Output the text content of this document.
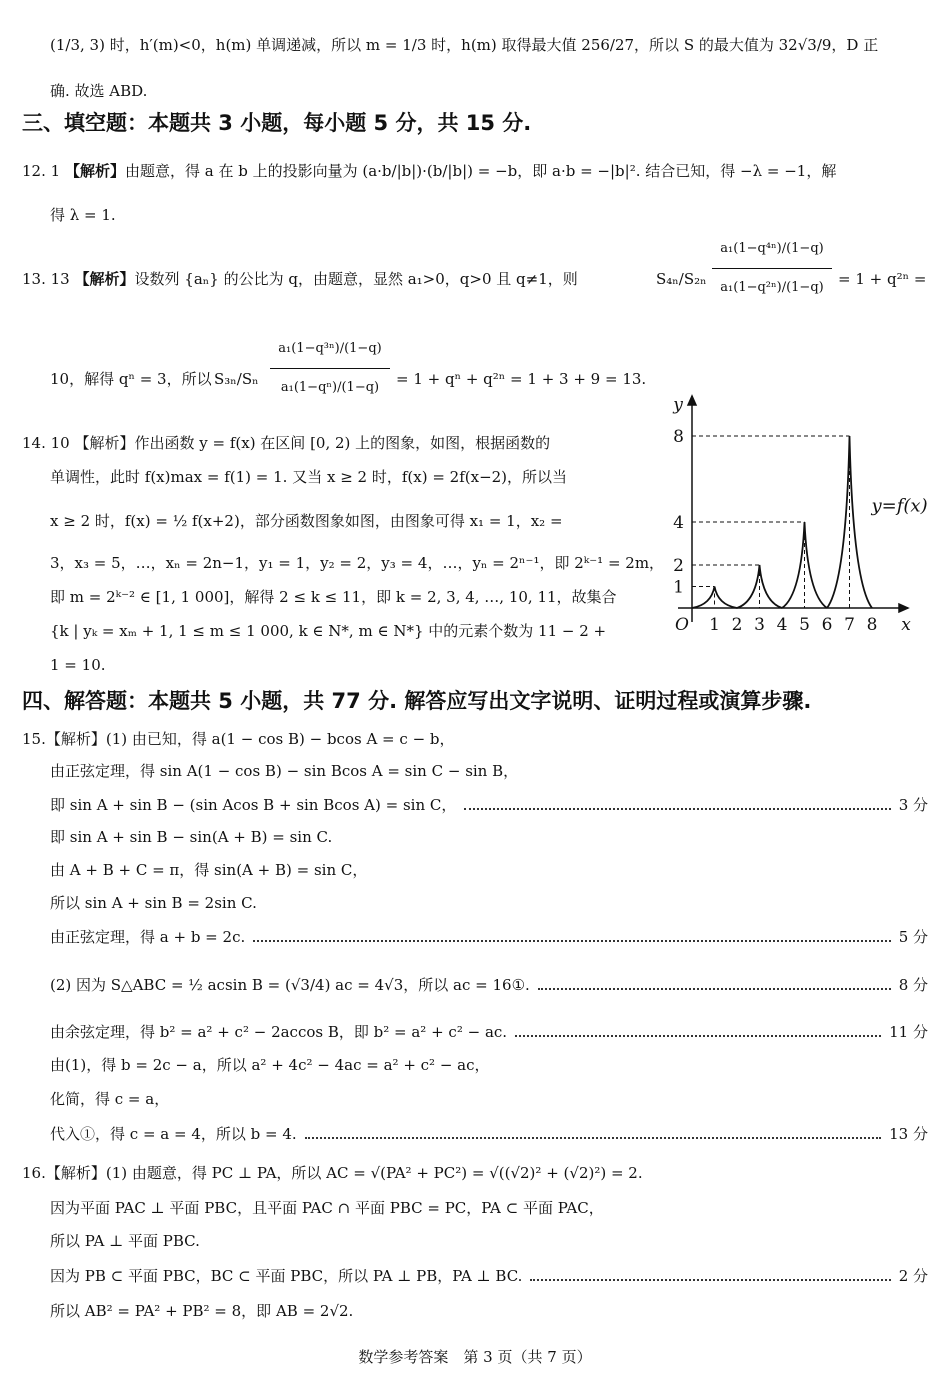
(1/3, 3) 时，h′(m)<0，h(m) 单调递减，所以 m = 1/3 时，h(m) 取得最大值 256/27，所以 S 的最大值为 32√3/9，D 正
确. 故选 ABD.
三、填空题：本题共 3 小题，每小题 5 分，共 15 分.
12. 1 【解析】由题意，得 a 在 b 上的投影向量为 (a·b/|b|)·(b/|b|) = −b，即 a·b = −|b|². 结合已知，得 −λ = −1，解
得 λ = 1.
13. 13 【解析】设数列 {aₙ} 的公比为 q，由题意，显然 a₁>0，q>0 且 q≠1，则	S₄ₙ/S₂ₙ
a₁(1−q⁴ⁿ)/(1−q)
a₁(1−q²ⁿ)/(1−q) = 1 + q²ⁿ =
10，解得 qⁿ = 3，所以 S₃ₙ/Sₙ
a₁(1−q³ⁿ)/(1−q)
a₁(1−qⁿ)/(1−q)	= 1 + qⁿ + q²ⁿ = 1 + 3 + 9 = 13.
14. 10 【解析】作出函数 y = f(x) 在区间 [0, 2) 上的图象，如图，根据函数的
单调性，此时 f(x)max = f(1) = 1. 又当 x ≥ 2 时，f(x) = 2f(x−2)，所以当
x ≥ 2 时，f(x) = ½ f(x+2)，部分函数图象如图，由图象可得 x₁ = 1，x₂ =
3，x₃ = 5，…，xₙ = 2n−1，y₁ = 1，y₂ = 2，y₃ = 4，…，yₙ = 2ⁿ⁻¹，即 2ᵏ⁻¹ = 2m，
即 m = 2ᵏ⁻² ∈ [1, 1 000]，解得 2 ≤ k ≤ 11，即 k = 2, 3, 4, …, 10, 11，故集合
{k | yₖ = xₘ + 1, 1 ≤ m ≤ 1 000, k ∈ N*, m ∈ N*} 中的元素个数为 11 − 2 +
1 = 10.
1 2 3 4 5 6 7 8
1
2
4
8
O	x
y
y=f(x)
四、解答题：本题共 5 小题，共 77 分. 解答应写出文字说明、证明过程或演算步骤.
15.【解析】(1) 由已知，得 a(1 − cos B) − bcos A = c − b，
由正弦定理，得 sin A(1 − cos B) − sin Bcos A = sin C − sin B，
即 sin A + sin B − (sin Acos B + sin Bcos A) = sin C，	3 分
即 sin A + sin B − sin(A + B) = sin C.
由 A + B + C = π，得 sin(A + B) = sin C，
所以 sin A + sin B = 2sin C.
由正弦定理，得 a + b = 2c.	5 分
(2) 因为 S△ABC = ½ acsin B = (√3/4) ac = 4√3，所以 ac = 16①.	8 分
由余弦定理，得 b² = a² + c² − 2accos B，即 b² = a² + c² − ac.	11 分
由(1)，得 b = 2c − a，所以 a² + 4c² − 4ac = a² + c² − ac，
化简，得 c = a，
代入①，得 c = a = 4，所以 b = 4.	13 分
16.【解析】(1) 由题意，得 PC ⊥ PA，所以 AC = √(PA² + PC²) = √((√2)² + (√2)²) = 2.
因为平面 PAC ⊥ 平面 PBC，且平面 PAC ∩ 平面 PBC = PC，PA ⊂ 平面 PAC，
所以 PA ⊥ 平面 PBC.
因为 PB ⊂ 平面 PBC，BC ⊂ 平面 PBC，所以 PA ⊥ PB，PA ⊥ BC.	2 分
所以 AB² = PA² + PB² = 8，即 AB = 2√2.
数学参考答案　第 3 页（共 7 页）
